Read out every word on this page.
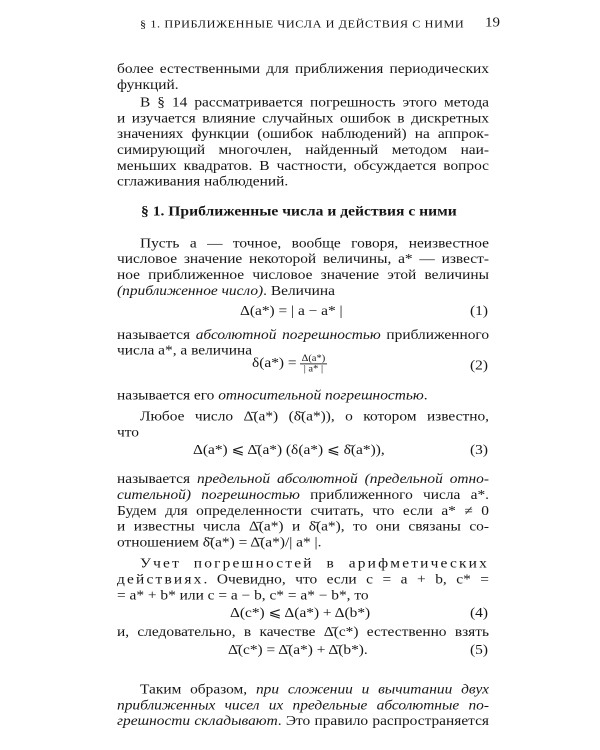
§ 1. ПРИБЛИЖЕННЫЕ ЧИСЛА И ДЕЙСТВИЯ С НИМИ 19
более естественными для приближения периодических
функций.
В § 14 рассматривается погрешность этого метода
и изучается влияние случайных ошибок в дискретных
значениях функции (ошибок наблюдений) на аппрок-
симирующий многочлен, найденный методом наи-
меньших квадратов. В частности, обсуждается вопрос
сглаживания наблюдений.
§ 1. Приближенные числа и действия с ними
Пусть a — точное, вообще говоря, неизвестное
числовое значение некоторой величины, a* — извест-
ное приближенное числовое значение этой величины
(приближенное число). Величина
Δ(a*) = | a − a* |	(1)
называется абсолютной погрешностью приближенного
числа a*, а величина
$\delta(a*) = \frac{\Delta(a*)}{| a* |}$	(2)
называется его относительной погрешностью.
Любое число Δ̄(a*) (δ̄(a*)), о котором известно,
что
Δ(a*) ⩽ Δ̄(a*) (δ(a*) ⩽ δ̄(a*)),	(3)
называется предельной абсолютной (предельной отно-
сительной) погрешностью приближенного числа a*.
Будем для определенности считать, что если a* ≠ 0
и известны числа Δ̄(a*) и δ̄(a*), то они связаны со-
отношением δ̄(a*) = Δ̄(a*)/| a* |.
Учет погрешностей в арифметических
действиях. Очевидно, что если c = a + b, c* =
= a* + b* или c = a − b, c* = a* − b*, то
Δ(c*) ⩽ Δ(a*) + Δ(b*)	(4)
и, следовательно, в качестве Δ̄(c*) естественно взять
Δ̄(c*) = Δ̄(a*) + Δ̄(b*).	(5)
Таким образом, при сложении и вычитании двух
приближенных чисел их предельные абсолютные по-
грешности складывают. Это правило распространяется
